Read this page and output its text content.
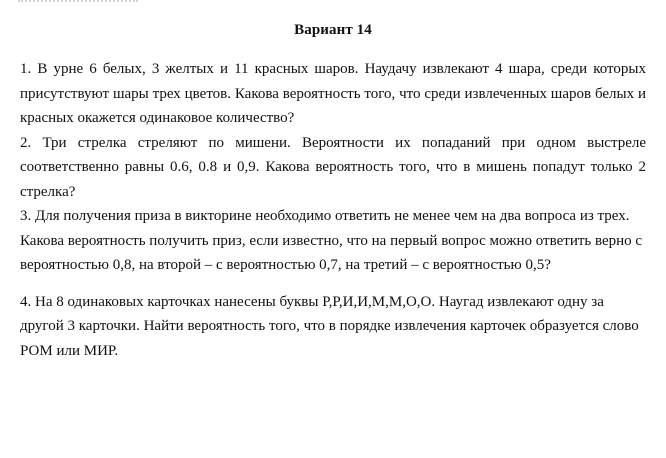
Вариант 14

1. В урне 6 белых, 3 желтых и 11 красных шаров. Наудачу извлекают 4 шара, среди которых присутствуют шары трех цветов. Какова вероятность того, что среди извлеченных шаров белых и красных окажется одинаковое количество?

2. Три стрелка стреляют по мишени. Вероятности их попаданий при одном выстреле соответственно равны 0.6, 0.8 и 0,9. Какова вероятность того, что в мишень попадут только 2 стрелка?

3. Для получения приза в викторине необходимо ответить не менее чем на два вопроса из трех. Какова вероятность получить приз, если известно, что на первый вопрос можно ответить верно с вероятностью 0,8, на второй – с вероятностью 0,7, на третий – с вероятностью 0,5?

4. На 8 одинаковых карточках нанесены буквы Р,Р,И,И,М,М,О,О. Наугад извлекают одну за другой 3 карточки. Найти вероятность того, что в порядке извлечения карточек образуется слово РОМ или МИР.
